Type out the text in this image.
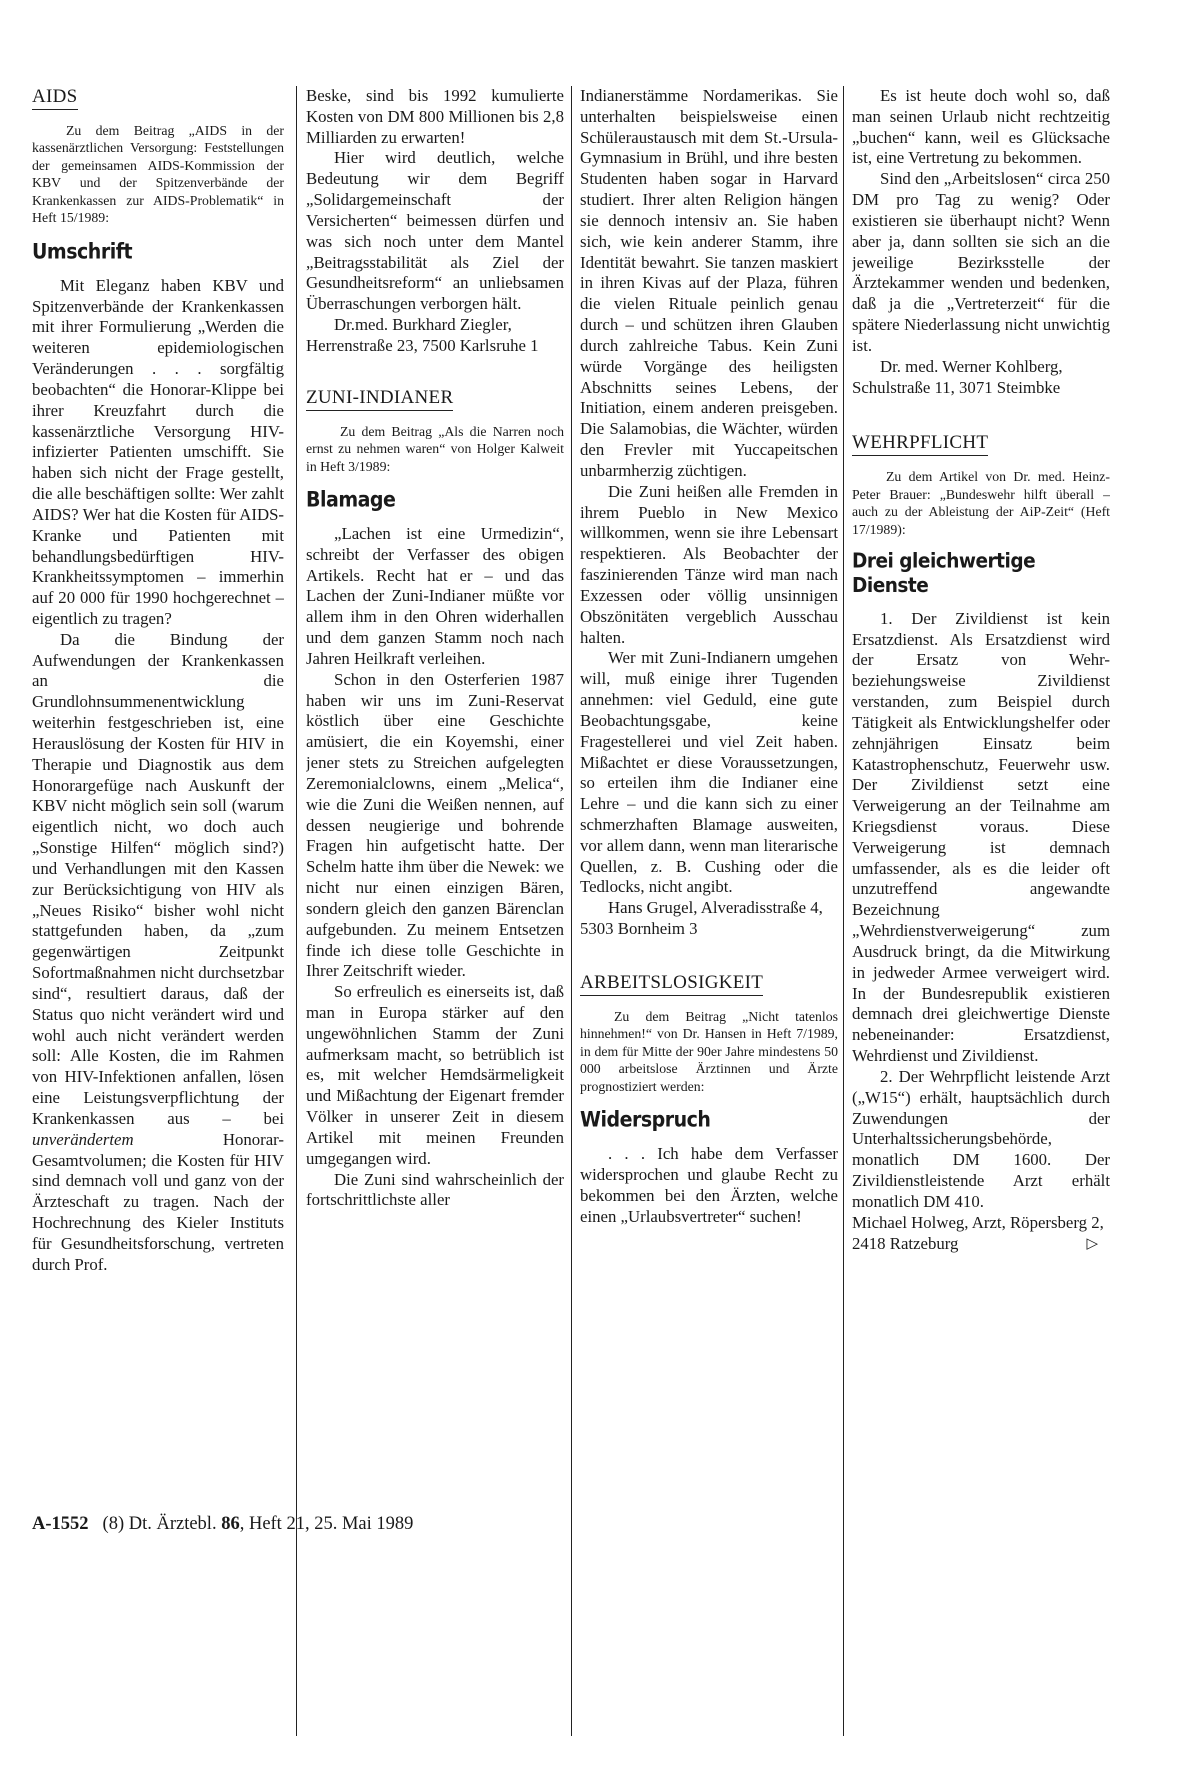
AIDS
Zu dem Beitrag „AIDS in der kassenärztlichen Versorgung: Feststellungen der gemeinsamen AIDS-Kommission der KBV und der Spitzenverbände der Krankenkassen zur AIDS-Problematik“ in Heft 15/1989:
Umschrift

Mit Eleganz haben KBV und Spitzenverbände der Krankenkassen mit ihrer Formulierung „Werden die weiteren epidemiologischen Veränderungen . . . sorgfältig beobachten“ die Honorar-Klippe bei ihrer Kreuzfahrt durch die kassenärztliche Versorgung HIV-infizierter Patienten umschifft. Sie haben sich nicht der Frage gestellt, die alle beschäftigen sollte: Wer zahlt AIDS? Wer hat die Kosten für AIDS-Kranke und Patienten mit behandlungsbedürftigen HIV-Krankheitssymptomen – immerhin auf 20 000 für 1990 hochgerechnet – eigentlich zu tragen?

Da die Bindung der Aufwendungen der Krankenkassen an die Grundlohnsummenentwicklung weiterhin festgeschrieben ist, eine Herauslösung der Kosten für HIV in Therapie und Diagnostik aus dem Honorargefüge nach Auskunft der KBV nicht möglich sein soll (warum eigentlich nicht, wo doch auch „Sonstige Hilfen“ möglich sind?) und Verhandlungen mit den Kassen zur Berücksichtigung von HIV als „Neues Risiko“ bisher wohl nicht stattgefunden haben, da „zum gegenwärtigen Zeitpunkt Sofortmaßnahmen nicht durchsetzbar sind“, resultiert daraus, daß der Status quo nicht verändert wird und wohl auch nicht verändert werden soll: Alle Kosten, die im Rahmen von HIV-Infektionen anfallen, lösen eine Leistungsverpflichtung der Krankenkassen aus – bei unverändertem Honorar-Gesamtvolumen; die Kosten für HIV sind demnach voll und ganz von der Ärzteschaft zu tragen. Nach der Hochrechnung des Kieler Instituts für Gesundheitsforschung, vertreten durch Prof.

Beske, sind bis 1992 kumulierte Kosten von DM 800 Millionen bis 2,8 Milliarden zu erwarten!

Hier wird deutlich, welche Bedeutung wir dem Begriff „Solidargemeinschaft der Versicherten“ beimessen dürfen und was sich noch unter dem Mantel „Beitragsstabilität als Ziel der Gesundheitsreform“ an unliebsamen Überraschungen verborgen hält.

Dr.med. Burkhard Ziegler, Herrenstraße 23, 7500 Karlsruhe 1

ZUNI-INDIANER
Zu dem Beitrag „Als die Narren noch ernst zu nehmen waren“ von Holger Kalweit in Heft 3/1989:
Blamage

„Lachen ist eine Urmedizin“, schreibt der Verfasser des obigen Artikels. Recht hat er – und das Lachen der Zuni-Indianer müßte vor allem ihm in den Ohren widerhallen und dem ganzen Stamm noch nach Jahren Heilkraft verleihen.

Schon in den Osterferien 1987 haben wir uns im Zuni-Reservat köstlich über eine Geschichte amüsiert, die ein Koyemshi, einer jener stets zu Streichen aufgelegten Zeremonialclowns, einem „Melica“, wie die Zuni die Weißen nennen, auf dessen neugierige und bohrende Fragen hin aufgetischt hatte. Der Schelm hatte ihm über die Newek: we nicht nur einen einzigen Bären, sondern gleich den ganzen Bärenclan aufgebunden. Zu meinem Entsetzen finde ich diese tolle Geschichte in Ihrer Zeitschrift wieder.

So erfreulich es einerseits ist, daß man in Europa stärker auf den ungewöhnlichen Stamm der Zuni aufmerksam macht, so betrüblich ist es, mit welcher Hemdsärmeligkeit und Mißachtung der Eigenart fremder Völker in unserer Zeit in diesem Artikel mit meinen Freunden umgegangen wird.

Die Zuni sind wahrscheinlich der fortschrittlichste aller

Indianerstämme Nordamerikas. Sie unterhalten beispielsweise einen Schüleraustausch mit dem St.-Ursula-Gymnasium in Brühl, und ihre besten Studenten haben sogar in Harvard studiert. Ihrer alten Religion hängen sie dennoch intensiv an. Sie haben sich, wie kein anderer Stamm, ihre Identität bewahrt. Sie tanzen maskiert in ihren Kivas auf der Plaza, führen die vielen Rituale peinlich genau durch – und schützen ihren Glauben durch zahlreiche Tabus. Kein Zuni würde Vorgänge des heiligsten Abschnitts seines Lebens, der Initiation, einem anderen preisgeben. Die Salamobias, die Wächter, würden den Frevler mit Yuccapeitschen unbarmherzig züchtigen.

Die Zuni heißen alle Fremden in ihrem Pueblo in New Mexico willkommen, wenn sie ihre Lebensart respektieren. Als Beobachter der faszinierenden Tänze wird man nach Exzessen oder völlig unsinnigen Obszönitäten vergeblich Ausschau halten.

Wer mit Zuni-Indianern umgehen will, muß einige ihrer Tugenden annehmen: viel Geduld, eine gute Beobachtungsgabe, keine Fragestellerei und viel Zeit haben. Mißachtet er diese Voraussetzungen, so erteilen ihm die Indianer eine Lehre – und die kann sich zu einer schmerzhaften Blamage ausweiten, vor allem dann, wenn man literarische Quellen, z. B. Cushing oder die Tedlocks, nicht angibt.

Hans Grugel, Alveradisstraße 4, 5303 Bornheim 3

ARBEITSLOSIGKEIT
Zu dem Beitrag „Nicht tatenlos hinnehmen!“ von Dr. Hansen in Heft 7/1989, in dem für Mitte der 90er Jahre mindestens 50 000 arbeitslose Ärztinnen und Ärzte prognostiziert werden:
Widerspruch

. . . Ich habe dem Verfasser widersprochen und glaube Recht zu bekommen bei den Ärzten, welche einen „Urlaubsvertreter“ suchen!

Es ist heute doch wohl so, daß man seinen Urlaub nicht rechtzeitig „buchen“ kann, weil es Glücksache ist, eine Vertretung zu bekommen.

Sind den „Arbeitslosen“ circa 250 DM pro Tag zu wenig? Oder existieren sie überhaupt nicht? Wenn aber ja, dann sollten sie sich an die jeweilige Bezirksstelle der Ärztekammer wenden und bedenken, daß ja die „Vertreterzeit“ für die spätere Niederlassung nicht unwichtig ist.

Dr. med. Werner Kohlberg, Schulstraße 11, 3071 Steimbke

WEHRPFLICHT
Zu dem Artikel von Dr. med. Heinz-Peter Brauer: „Bundeswehr hilft überall – auch zu der Ableistung der AiP-Zeit“ (Heft 17/1989):
Drei gleichwertige
Dienste

1. Der Zivildienst ist kein Ersatzdienst. Als Ersatzdienst wird der Ersatz von Wehr- beziehungsweise Zivildienst verstanden, zum Beispiel durch Tätigkeit als Entwicklungshelfer oder zehnjährigen Einsatz beim Katastrophenschutz, Feuerwehr usw. Der Zivildienst setzt eine Verweigerung an der Teilnahme am Kriegsdienst voraus. Diese Verweigerung ist demnach umfassender, als es die leider oft unzutreffend angewandte Bezeichnung „Wehrdienstverweigerung“ zum Ausdruck bringt, da die Mitwirkung in jedweder Armee verweigert wird. In der Bundesrepublik existieren demnach drei gleichwertige Dienste nebeneinander: Ersatzdienst, Wehrdienst und Zivildienst.

2. Der Wehrpflicht leistende Arzt („W15“) erhält, hauptsächlich durch Zuwendungen der Unterhaltssicherungsbehörde, monatlich DM 1600. Der Zivildienstleistende Arzt erhält monatlich DM 410.

Michael Holweg, Arzt, Röpersberg 2, 2418 Ratzeburg	▷

A-1552 (8) Dt. Ärztebl. 86, Heft 21, 25. Mai 1989
